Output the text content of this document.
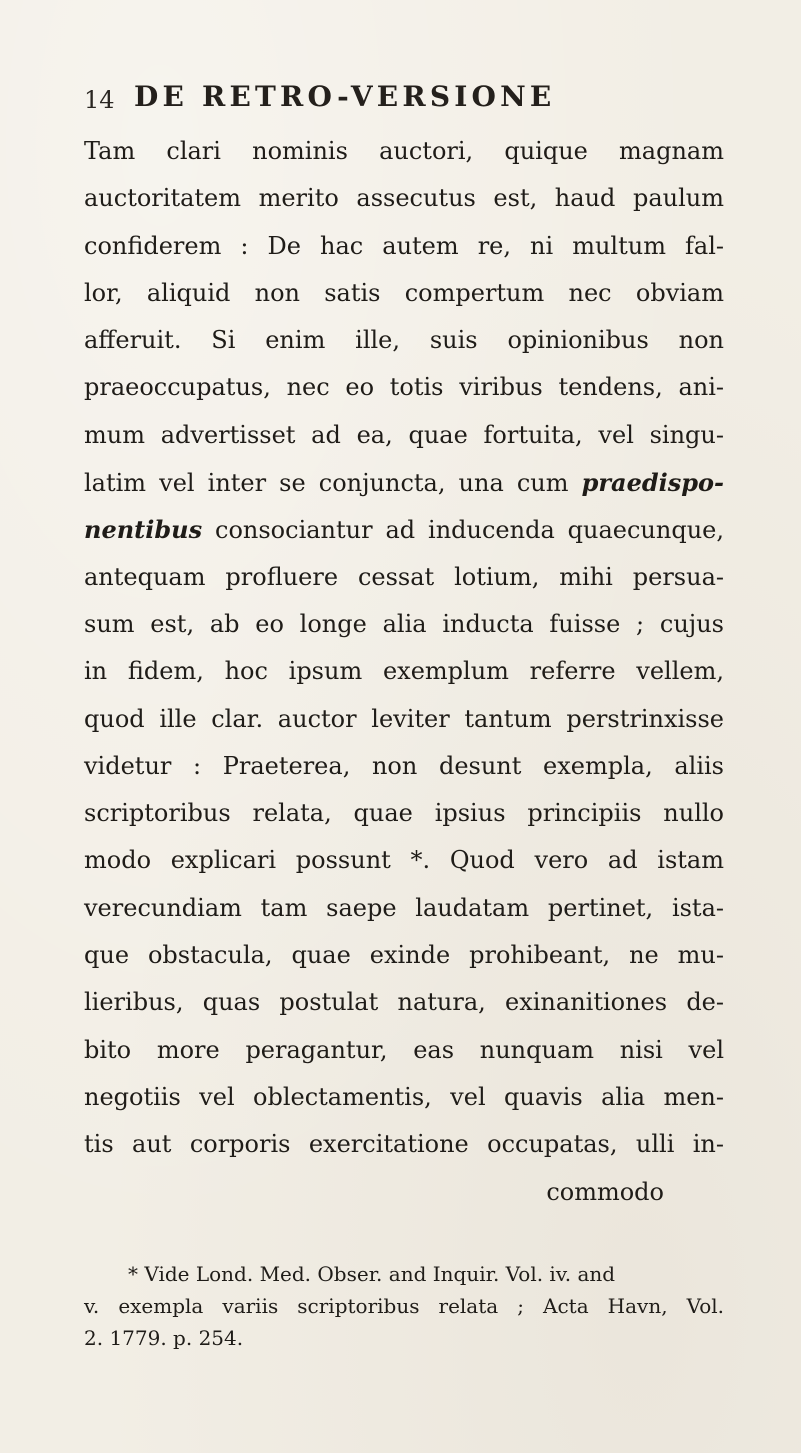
14 DE RETRO-VERSIONE
Tam clari nominis auctori, quique magnam
auctoritatem merito assecutus est, haud paulum
confiderem : De hac autem re, ni multum fal-
lor, aliquid non satis compertum nec obviam
afferuit. Si enim ille, suis opinionibus non
praeoccupatus, nec eo totis viribus tendens, ani-
mum advertisset ad ea, quae fortuita, vel singu-
latim vel inter se conjuncta, una cum praedispo-
nentibus consociantur ad inducenda quaecunque,
antequam profluere cessat lotium, mihi persua-
sum est, ab eo longe alia inducta fuisse ; cujus
in fidem, hoc ipsum exemplum referre vellem,
quod ille clar. auctor leviter tantum perstrinxisse
videtur : Praeterea, non desunt exempla, aliis
scriptoribus relata, quae ipsius principiis nullo
modo explicari possunt *. Quod vero ad istam
verecundiam tam saepe laudatam pertinet, ista-
que obstacula, quae exinde prohibeant, ne mu-
lieribus, quas postulat natura, exinanitiones de-
bito more peragantur, eas nunquam nisi vel
negotiis vel oblectamentis, vel quavis alia men-
tis aut corporis exercitatione occupatas, ulli in-
commodo
* Vide Lond. Med. Obser. and Inquir. Vol. iv. and
v. exempla variis scriptoribus relata ; Acta Havn, Vol.
2. 1779. p. 254.
